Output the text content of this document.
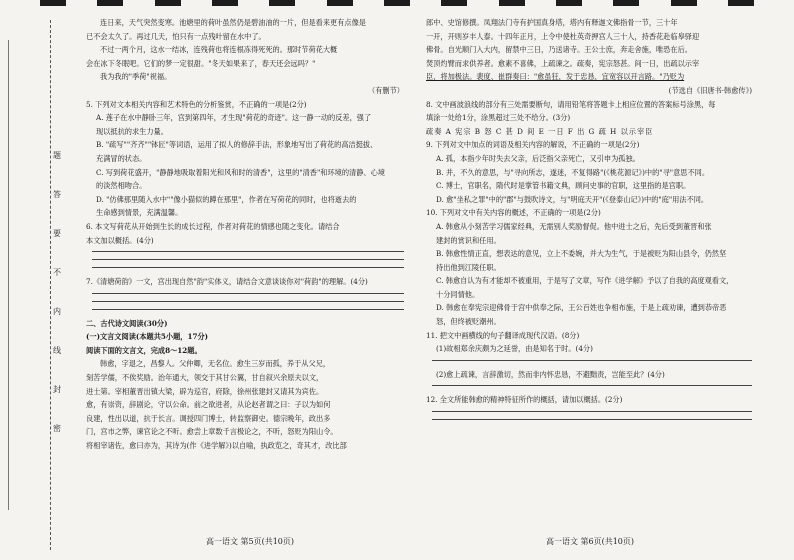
题
答
要
不
内
线
封
密

连日来，天气突然变寒。池塘里的荷叶虽然仍是碧油油的一片，但是看来更有点像是

已不会太久了。再过几天，怕只有一点残叶留在水中了。

不过一两个月，这水一结冰，连残荷也将连根冻得死死的。那时节荷花大概

会在冰下冬眠吧。它们的梦一定很甜。"冬天如果来了，春天还会远吗？"

我为我的"季荷"祝福。

（有删节）

5. 下列对文本相关内容和艺术特色的分析鉴赏，不正确的一项是(2分)

A. 莲子在水中静卧三年，宫到第四年，才生现"荷花的奇迹"。这一静一动的反差，强了

现以抵抗的求生力量。

B. "疏写""齐齐""钵匠"等词语，运用了拟人的修辞手法，形象地写出了荷花的高洁挺拔、

充满冒的状态。

C. 写到荷花盛开，"静静地吸取着阳光和风和时的清香"，这里的"清香"和环境的清静、心境

的淡然相吻合。

D. "仿佛那里随入水中""像小猫似的蹲在那里"，作者在写荷花的同时，也将逝去的

生命感到情景，充满温馨。

6. 本文写荷花从开始到生长的成长过程，作者对荷花的情感也随之变化。请结合

本文加以概括。(4分)

7.《清塘荷韵》一文，宫出现自然"韵"实体义，请结合文意谈谈你对"荷韵"的理解。(4分)

二、古代诗文阅读(30分)

(一)文言文阅读(本题共5小题，17分)

阅读下面的文言文，完成8～12题。

韩愈，字退之，昌黎人。父仲卿，无名位。愈生三岁而孤，养于从父兄，

刻苦学儒，不俟奖励。治年通大，领交于其甘公翼，甘自叙兴余原夫以文，

进士第。宰相董晋出镇大梁，辟为巡官，府除，徐州张建封又请其为宾佐。

愈，有崇资，辞剧论，守以公命。前之欲进者，从论赵者谓之曰：子以为如何

良建，性出以道，抗于长言。调授四门博士，转监察御史。德宗晚年，政出多

门，宫市之弊，谏官论之不听。愈尝上章数千言极论之，不听，怒贬为阳山令。

将相宰诸佐，愈曰亦为，其诗为(作《进学解》)以自喻，执政览之，奇其才，改比部

郎中、史馆修撰。凤翔法门寺有护国真身塔，塔内有释迦文佛指骨一节，三十年

一开，开则岁丰人泰。十四年正月，上令中使杜英奇押宫人三十人，持香花赴临皋驿迎

佛骨。自光顺门入大内，留禁中三日，乃送诸寺。王公士庶，奔走舍施，唯恐在后。

焚顶灼臂而求供养者。愈素不喜佛，上疏谏之。疏奏，宪宗怒甚。间一日，出疏以示宰

臣，将加极法。裴度、崔群奏曰："愈虽狂，发于忠恳，宜宽容以开言路。"乃贬为

(节选自《旧唐书·韩愈传》)

8. 文中画波浪线的部分有三处需要断句，请用铅笔将答题卡上相应位置的答案标号涂黑，每

填涂一处给1分，涂黑超过三处不给分。(3分)

疏奏 A 宪宗 B 怒 C 甚 D 间 E 一日 F 出 G 疏 H 以示宰臣

9. 下列对文中加点的词语及相关内容的解说，不正确的一项是(2分)

A. 孤，本指少年时失去父亲，后泛指父亲死亡，又引申为孤独。

B. 并，不久的意思，与"寻向所志，遂迷，不复得路"(《桃花源记》)中的"寻"意思不同。

C. 博士，官职名，隋代时是掌管书籍文典，顾问史事的官职，这里指的是宫职。

D. 愈"坐私之罪"中的"郡"与鼓吹诗文，与"明庭天开"(《登泰山记》)中的"庭"用法不同。

10. 下列对文中有关内容的概述，不正确的一项是(2分)

A. 韩愈从小刻苦学习儒家经典，无需别人奖励督促。他中进士之后，先后受到董晋和张

建封的赏识和任用。

B. 韩愈性情正直，想表达的意见，立上不委婉，并大为生气，于是被贬为阳山县令，仍然坚

持出他到江陵任职。

C. 韩愈自认为有才能却不被重用，于是写了文章，写作《进学解》予以了自我的高度观看文，

十分同情他。

D. 韩愈在奉宪宗迎佛骨于宫中供奉之际，王公百姓也争相布施，于是上疏劝谏，遭到恭帝恶

怒，但终被贬潮州。

11. 把文中画横线的句子翻译成现代汉语。(8分)

(1)故相郑余庆颇为之延誉，由是知名于时。(4分)

(2)愈上疏谏，言辞激切，然而非内怀忠恳，不避黜责，岂能至此？(4分)

12. 全文所能韩愈的精神特征所作的概括，请加以概括。(2分)

高一语文 第5页(共10页)	高一语文 第6页(共10页)
